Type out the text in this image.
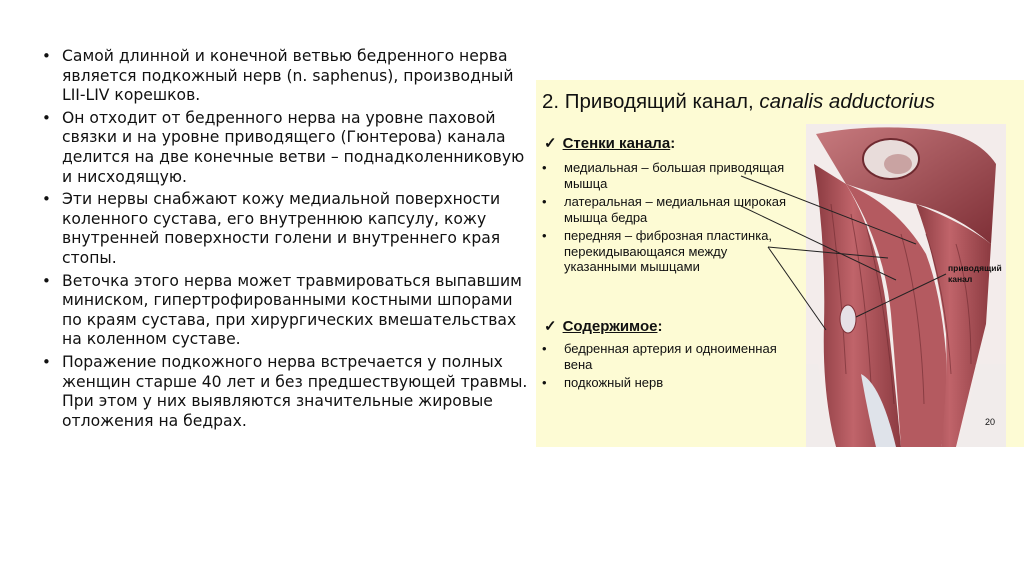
• Самой длинной и конечной ветвью бедренного нерва является подкожный нерв (n. saphenus), производный LII-LIV корешков.
• Он отходит от бедренного нерва на уровне паховой связки и на уровне приводящего (Гюнтерова) канала делится на две конечные ветви – поднадколенниковую и нисходящую.
• Эти нервы снабжают кожу медиальной поверхности коленного сустава, его внутреннюю капсулу, кожу внутренней поверхности голени и внутреннего края стопы.
• Веточка этого нерва может травмироваться выпавшим миниском, гипертрофированными костными шпорами по краям сустава, при хирургических вмешательствах на коленном суставе.
• Поражение подкожного нерва встречается у полных женщин старше 40 лет и без предшествующей травмы. При этом у них выявляются значительные жировые отложения на бедрах.
2. Приводящий канал, canalis adductorius
✓ Стенки канала:
• медиальная – большая приводящая мышца
• латеральная – медиальная широкая мышца бедра
• передняя – фиброзная пластинка, перекидывающаяся между указанными мышцами
✓ Содержимое:
• бедренная артерия и одноименная вена
• подкожный нерв
приводящий
канал
20
